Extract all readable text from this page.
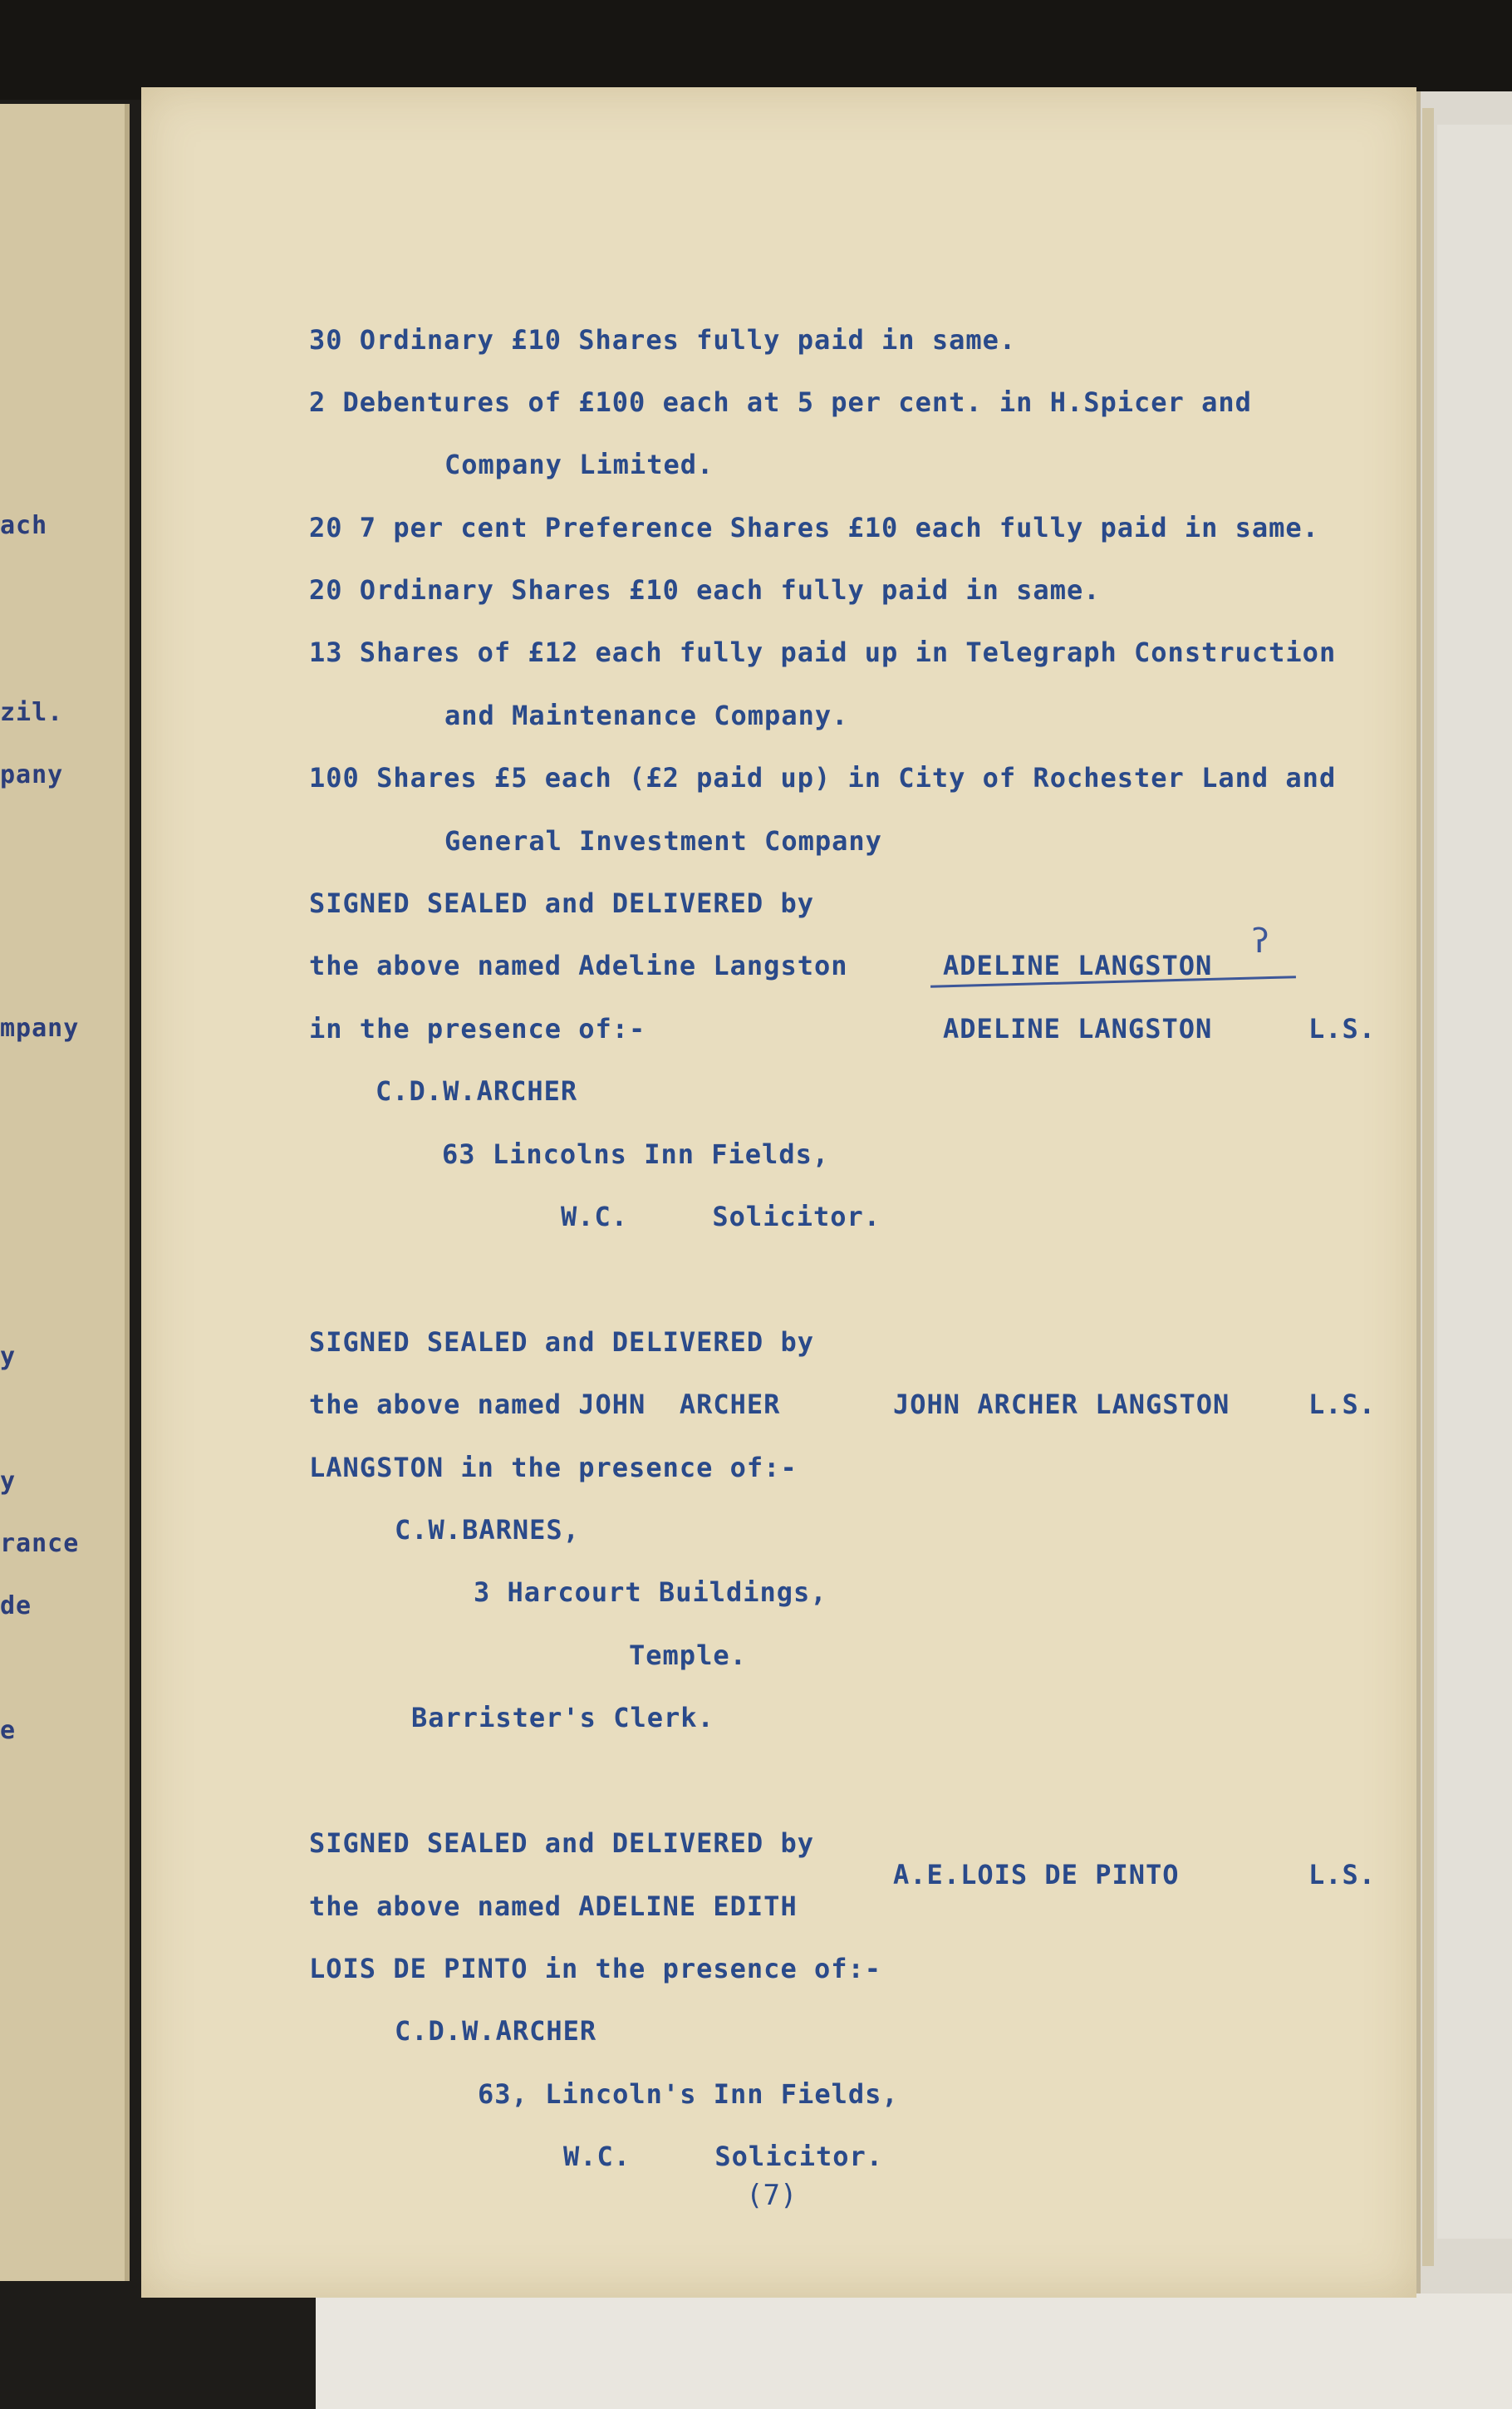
ach
zil.
pany
mpany
y
y
rance
de
e
30 Ordinary £10 Shares fully paid in same.
2 Debentures of £100 each at 5 per cent. in H.Spicer and
Company Limited.
20 7 per cent Preference Shares £10 each fully paid in same.
20 Ordinary Shares £10 each fully paid in same.
13 Shares of £12 each fully paid up in Telegraph Construction
and Maintenance Company.
100 Shares £5 each (£2 paid up) in City of Rochester Land and
General Investment Company
SIGNED SEALED and DELIVERED by
the above named Adeline Langston
in the presence of:-
C.D.W.ARCHER
63 Lincolns Inn Fields,
W.C.     Solicitor.
SIGNED SEALED and DELIVERED by
the above named JOHN  ARCHER
LANGSTON in the presence of:-
C.W.BARNES,
3 Harcourt Buildings,
Temple.
Barrister's Clerk.
SIGNED SEALED and DELIVERED by
the above named ADELINE EDITH
LOIS DE PINTO in the presence of:-
C.D.W.ARCHER
63, Lincoln's Inn Fields,
W.C.     Solicitor.
ADELINE LANGSTON
ʔ
ADELINE LANGSTON	L.S.
JOHN ARCHER LANGSTON	L.S.
A.E.LOIS DE PINTO	L.S.
(7)
